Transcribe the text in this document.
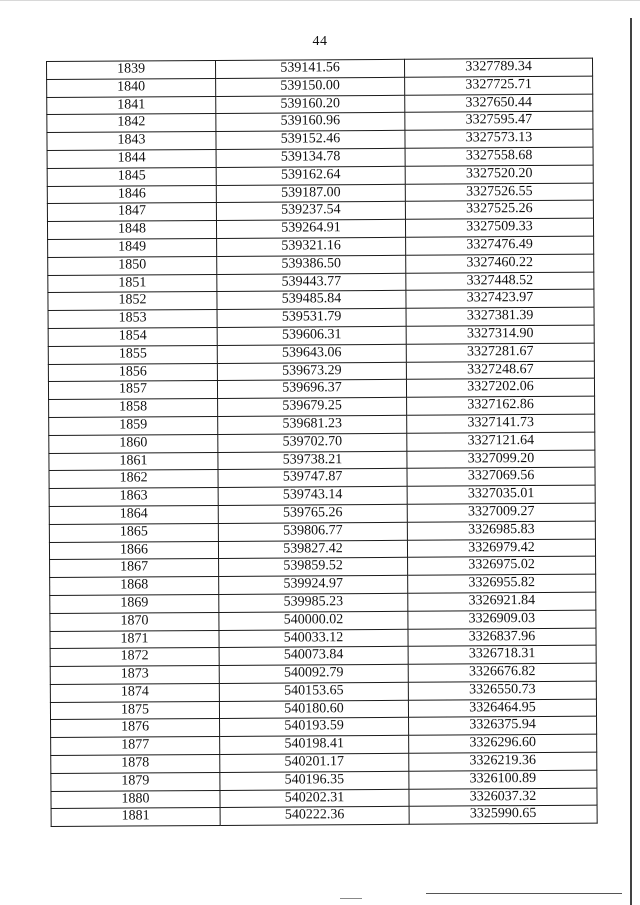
44
1839	539141.56	3327789.34
1840	539150.00	3327725.71
1841	539160.20	3327650.44
1842	539160.96	3327595.47
1843	539152.46	3327573.13
1844	539134.78	3327558.68
1845	539162.64	3327520.20
1846	539187.00	3327526.55
1847	539237.54	3327525.26
1848	539264.91	3327509.33
1849	539321.16	3327476.49
1850	539386.50	3327460.22
1851	539443.77	3327448.52
1852	539485.84	3327423.97
1853	539531.79	3327381.39
1854	539606.31	3327314.90
1855	539643.06	3327281.67
1856	539673.29	3327248.67
1857	539696.37	3327202.06
1858	539679.25	3327162.86
1859	539681.23	3327141.73
1860	539702.70	3327121.64
1861	539738.21	3327099.20
1862	539747.87	3327069.56
1863	539743.14	3327035.01
1864	539765.26	3327009.27
1865	539806.77	3326985.83
1866	539827.42	3326979.42
1867	539859.52	3326975.02
1868	539924.97	3326955.82
1869	539985.23	3326921.84
1870	540000.02	3326909.03
1871	540033.12	3326837.96
1872	540073.84	3326718.31
1873	540092.79	3326676.82
1874	540153.65	3326550.73
1875	540180.60	3326464.95
1876	540193.59	3326375.94
1877	540198.41	3326296.60
1878	540201.17	3326219.36
1879	540196.35	3326100.89
1880	540202.31	3326037.32
1881	540222.36	3325990.65
